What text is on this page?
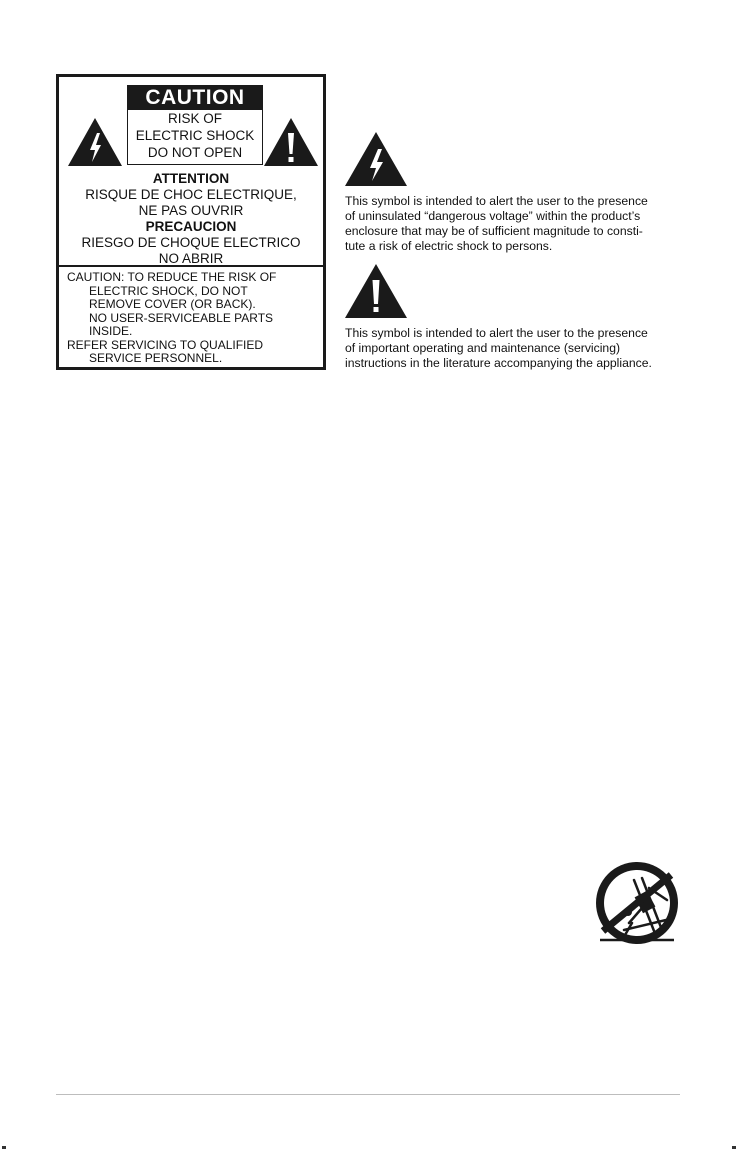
CAUTION
RISK OF
ELECTRIC SHOCK
DO NOT OPEN
ATTENTION
RISQUE DE CHOC ELECTRIQUE,
NE PAS OUVRIR
PRECAUCION
RIESGO DE CHOQUE ELECTRICO
NO ABRIR
CAUTION: TO REDUCE THE RISK OF
ELECTRIC SHOCK, DO NOT
REMOVE COVER (OR BACK).
NO USER-SERVICEABLE PARTS
INSIDE.
REFER SERVICING TO QUALIFIED
SERVICE PERSONNEL.
This symbol is intended to alert the user to the presence
of uninsulated “dangerous voltage” within the product’s
enclosure that may be of sufficient magnitude to consti-
tute a risk of electric shock to persons.
This symbol is intended to alert the user to the presence
of important operating and maintenance (servicing)
instructions in the literature accompanying the appliance.
